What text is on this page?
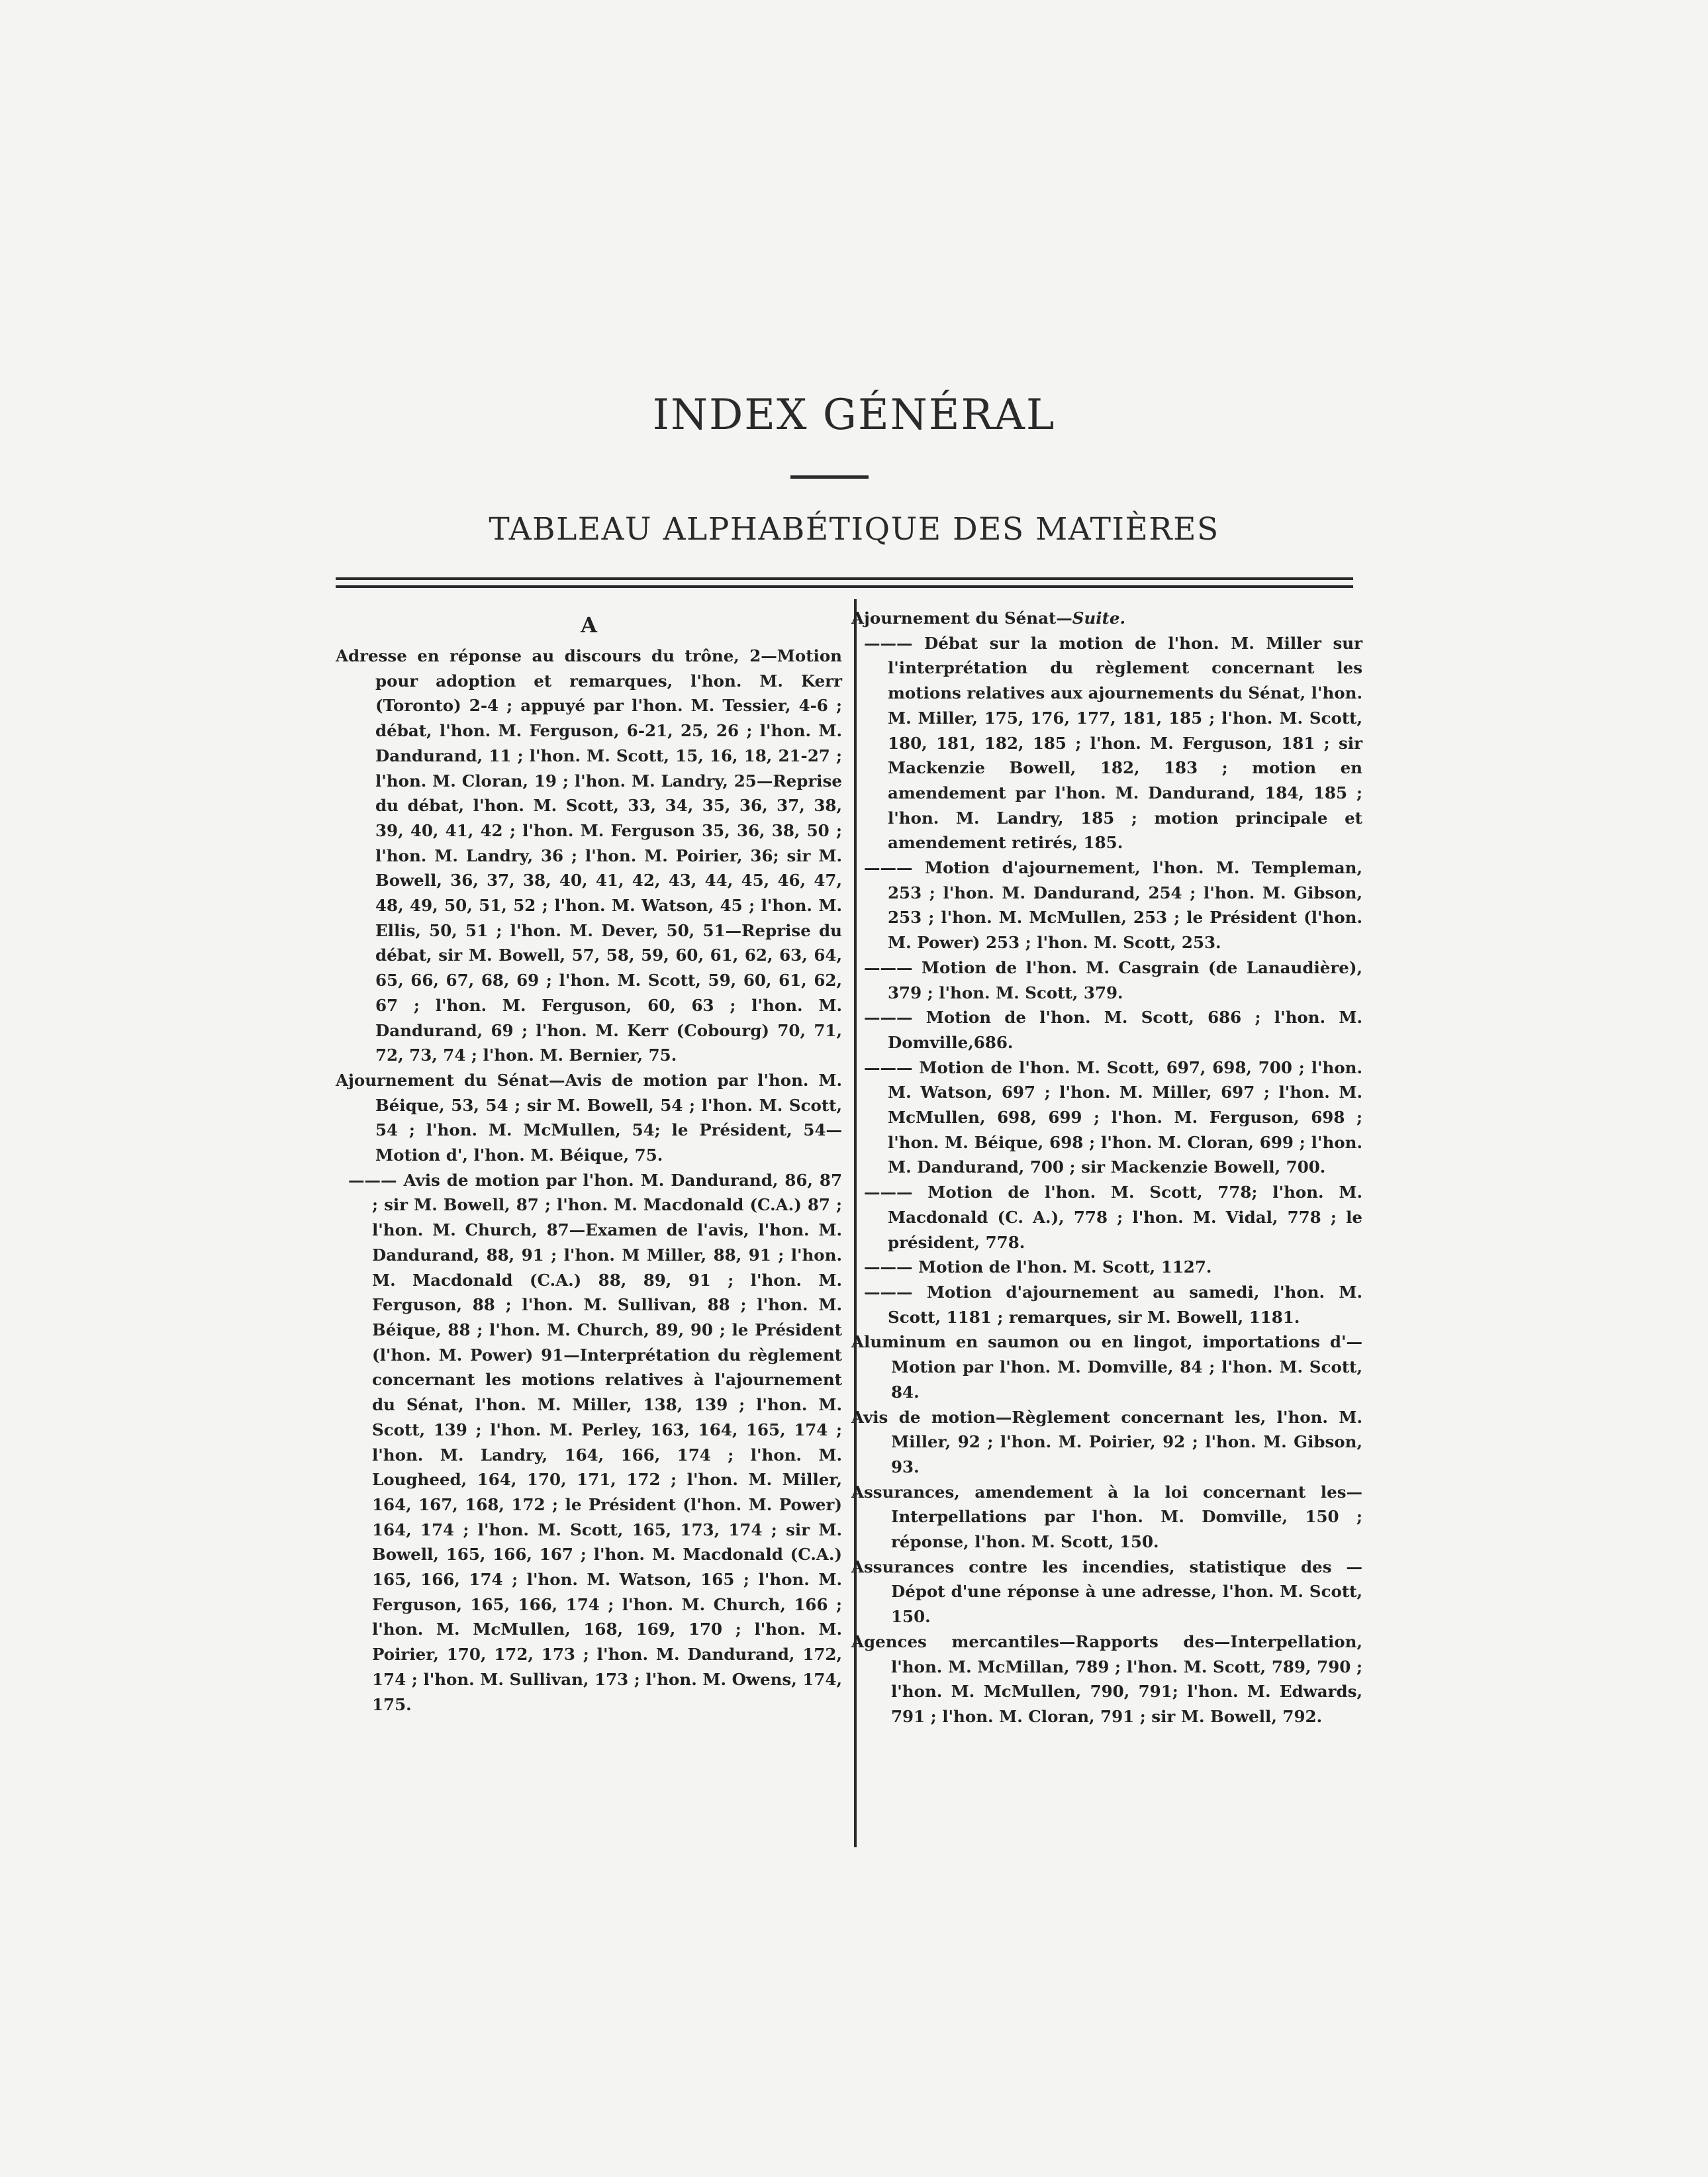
INDEX GÉNÉRAL
TABLEAU ALPHABÉTIQUE DES MATIÈRES

A

Adresse en réponse au discours du trône, 2—Motion pour adoption et remarques, l'hon. M. Kerr (Toronto) 2-4 ; appuyé par l'hon. M. Tessier, 4-6 ; débat, l'hon. M. Ferguson, 6-21, 25, 26 ; l'hon. M. Dandurand, 11 ; l'hon. M. Scott, 15, 16, 18, 21-27 ; l'hon. M. Cloran, 19 ; l'hon. M. Landry, 25—Reprise du débat, l'hon. M. Scott, 33, 34, 35, 36, 37, 38, 39, 40, 41, 42 ; l'hon. M. Ferguson 35, 36, 38, 50 ; l'hon. M. Landry, 36 ; l'hon. M. Poirier, 36; sir M. Bowell, 36, 37, 38, 40, 41, 42, 43, 44, 45, 46, 47, 48, 49, 50, 51, 52 ; l'hon. M. Watson, 45 ; l'hon. M. Ellis, 50, 51 ; l'hon. M. Dever, 50, 51—Reprise du débat, sir M. Bowell, 57, 58, 59, 60, 61, 62, 63, 64, 65, 66, 67, 68, 69 ; l'hon. M. Scott, 59, 60, 61, 62, 67 ; l'hon. M. Ferguson, 60, 63 ; l'hon. M. Dandurand, 69 ; l'hon. M. Kerr (Cobourg) 70, 71, 72, 73, 74 ; l'hon. M. Bernier, 75.

Ajournement du Sénat—Avis de motion par l'hon. M. Béique, 53, 54 ; sir M. Bowell, 54 ; l'hon. M. Scott, 54 ; l'hon. M. McMullen, 54; le Président, 54—Motion d', l'hon. M. Béique, 75.

——— Avis de motion par l'hon. M. Dandurand, 86, 87 ; sir M. Bowell, 87 ; l'hon. M. Macdonald (C.A.) 87 ; l'hon. M. Church, 87—Examen de l'avis, l'hon. M. Dandurand, 88, 91 ; l'hon. M Miller, 88, 91 ; l'hon. M. Macdonald (C.A.) 88, 89, 91 ; l'hon. M. Ferguson, 88 ; l'hon. M. Sullivan, 88 ; l'hon. M. Béique, 88 ; l'hon. M. Church, 89, 90 ; le Président (l'hon. M. Power) 91—Interprétation du règlement concernant les motions relatives à l'ajournement du Sénat, l'hon. M. Miller, 138, 139 ; l'hon. M. Scott, 139 ; l'hon. M. Perley, 163, 164, 165, 174 ; l'hon. M. Landry, 164, 166, 174 ; l'hon. M. Lougheed, 164, 170, 171, 172 ; l'hon. M. Miller, 164, 167, 168, 172 ; le Président (l'hon. M. Power) 164, 174 ; l'hon. M. Scott, 165, 173, 174 ; sir M. Bowell, 165, 166, 167 ; l'hon. M. Macdonald (C.A.) 165, 166, 174 ; l'hon. M. Watson, 165 ; l'hon. M. Ferguson, 165, 166, 174 ; l'hon. M. Church, 166 ; l'hon. M. McMullen, 168, 169, 170 ; l'hon. M. Poirier, 170, 172, 173 ; l'hon. M. Dandurand, 172, 174 ; l'hon. M. Sullivan, 173 ; l'hon. M. Owens, 174, 175.

Ajournement du Sénat—Suite.

——— Débat sur la motion de l'hon. M. Miller sur l'interprétation du règlement concernant les motions relatives aux ajournements du Sénat, l'hon. M. Miller, 175, 176, 177, 181, 185 ; l'hon. M. Scott, 180, 181, 182, 185 ; l'hon. M. Ferguson, 181 ; sir Mackenzie Bowell, 182, 183 ; motion en amendement par l'hon. M. Dandurand, 184, 185 ; l'hon. M. Landry, 185 ; motion principale et amendement retirés, 185.

——— Motion d'ajournement, l'hon. M. Templeman, 253 ; l'hon. M. Dandurand, 254 ; l'hon. M. Gibson, 253 ; l'hon. M. McMullen, 253 ; le Président (l'hon. M. Power) 253 ; l'hon. M. Scott, 253.

——— Motion de l'hon. M. Casgrain (de Lanaudière), 379 ; l'hon. M. Scott, 379.

——— Motion de l'hon. M. Scott, 686 ; l'hon. M. Domville,686.

——— Motion de l'hon. M. Scott, 697, 698, 700 ; l'hon. M. Watson, 697 ; l'hon. M. Miller, 697 ; l'hon. M. McMullen, 698, 699 ; l'hon. M. Ferguson, 698 ; l'hon. M. Béique, 698 ; l'hon. M. Cloran, 699 ; l'hon. M. Dandurand, 700 ; sir Mackenzie Bowell, 700.

——— Motion de l'hon. M. Scott, 778; l'hon. M. Macdonald (C. A.), 778 ; l'hon. M. Vidal, 778 ; le président, 778.

——— Motion de l'hon. M. Scott, 1127.

——— Motion d'ajournement au samedi, l'hon. M. Scott, 1181 ; remarques, sir M. Bowell, 1181.

Aluminum en saumon ou en lingot, importations d'—Motion par l'hon. M. Domville, 84 ; l'hon. M. Scott, 84.

Avis de motion—Règlement concernant les, l'hon. M. Miller, 92 ; l'hon. M. Poirier, 92 ; l'hon. M. Gibson, 93.

Assurances, amendement à la loi concernant les—Interpellations par l'hon. M. Domville, 150 ; réponse, l'hon. M. Scott, 150.

Assurances contre les incendies, statistique des —Dépot d'une réponse à une adresse, l'hon. M. Scott, 150.

Agences mercantiles—Rapports des—Interpellation, l'hon. M. McMillan, 789 ; l'hon. M. Scott, 789, 790 ; l'hon. M. McMullen, 790, 791; l'hon. M. Edwards, 791 ; l'hon. M. Cloran, 791 ; sir M. Bowell, 792.
